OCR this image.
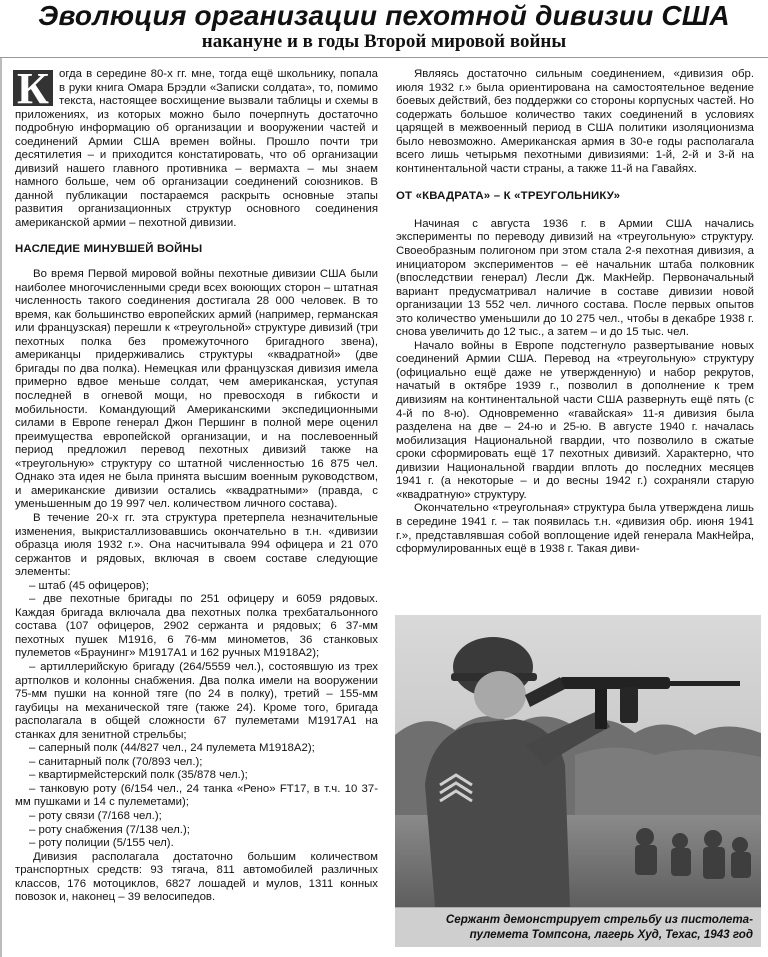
Эволюция организации пехотной дивизии США
накануне и в годы Второй мировой войны
К огда в середине 80-х гг. мне, тогда ещё школьнику, попала в руки книга Омара Брэдли «Записки солдата», то, помимо текста, настоящее восхищение вызвали таблицы и схемы в приложениях, из которых можно было почерпнуть достаточно подробную информацию об организации и вооружении частей и соединений Армии США времен войны. Прошло почти три десятилетия – и приходится констатировать, что об организации дивизий нашего главного противника – вермахта – мы знаем намного больше, чем об организации соединений союзников. В данной публикации постараемся раскрыть основные этапы развития организационных структур основного соединения американской армии – пехотной дивизии.

НАСЛЕДИЕ МИНУВШЕЙ ВОЙНЫ

Во время Первой мировой войны пехотные дивизии США были наиболее многочисленными среди всех воюющих сторон – штатная численность такого соединения достигала 28 000 человек. В то время, как большинство европейских армий (например, германская или французская) перешли к «треугольной» структуре дивизий (три пехотных полка без промежуточного бригадного звена), американцы придерживались структуры «квадратной» (две бригады по два полка). Немецкая или французская дивизия имела примерно вдвое меньше солдат, чем американская, уступая последней в огневой мощи, но превосходя в гибкости и мобильности. Командующий Американскими экспедиционными силами в Европе генерал Джон Першинг в полной мере оценил преимущества европейской организации, и на послевоенный период предложил перевод пехотных дивизий также на «треугольную» структуру со штатной численностью 16 875 чел. Однако эта идея не была принята высшим военным руководством, и американские дивизии остались «квадратными» (правда, с уменьшенным до 19 997 чел. количеством личного состава).

В течение 20-х гг. эта структура претерпела незначительные изменения, выкристаллизовавшись окончательно в т.н. «дивизии образца июля 1932 г.». Она насчитывала 994 офицера и 21 070 сержантов и рядовых, включая в своем составе следующие элементы:

– штаб (45 офицеров);

– две пехотные бригады по 251 офицеру и 6059 рядовых. Каждая бригада включала два пехотных полка трехбатальонного состава (107 офицеров, 2902 сержанта и рядовых; 6 37-мм пехотных пушек M1916, 6 76-мм минометов, 36 станковых пулеметов «Браунинг» M1917A1 и 162 ручных M1918A2);

– артиллерийскую бригаду (264/5559 чел.), состоявшую из трех артполков и колонны снабжения. Два полка имели на вооружении 75-мм пушки на конной тяге (по 24 в полку), третий – 155-мм гаубицы на механической тяге (также 24). Кроме того, бригада располагала в общей сложности 67 пулеметами M1917A1 на станках для зенитной стрельбы;

– саперный полк (44/827 чел., 24 пулемета M1918A2);

– санитарный полк (70/893 чел.);

– квартирмейстерский полк (35/878 чел.);

– танковую роту (6/154 чел., 24 танка «Рено» FT17, в т.ч. 10 37-мм пушками и 14 с пулеметами);

– роту связи (7/168 чел.);

– роту снабжения (7/138 чел.);

– роту полиции (5/155 чел).

Дивизия располагала достаточно большим количеством транспортных средств: 93 тягача, 811 автомобилей различных классов, 176 мотоциклов, 6827 лошадей и мулов, 1311 конных повозок и, наконец – 39 велосипедов.

Являясь достаточно сильным соединением, «дивизия обр. июля 1932 г.» была ориентирована на самостоятельное ведение боевых действий, без поддержки со стороны корпусных частей. Но содержать большое количество таких соединений в условиях царящей в межвоенный период в США политики изоляционизма было невозможно. Американская армия в 30-е годы располагала всего лишь четырьмя пехотными дивизиями: 1-й, 2-й и 3-й на континентальной части страны, а также 11-й на Гавайях.

ОТ «КВАДРАТА» – К «ТРЕУГОЛЬНИКУ»

Начиная с августа 1936 г. в Армии США начались эксперименты по переводу дивизий на «треугольную» структуру. Своеобразным полигоном при этом стала 2-я пехотная дивизия, а инициатором экспериментов – её начальник штаба полковник (впоследствии генерал) Лесли Дж. МакНейр. Первоначальный вариант предусматривал наличие в составе дивизии новой организации 13 552 чел. личного состава. После первых опытов это количество уменьшили до 10 275 чел., чтобы в декабре 1938 г. снова увеличить до 12 тыс., а затем – и до 15 тыс. чел.

Начало войны в Европе подстегнуло развертывание новых соединений Армии США. Перевод на «треугольную» структуру (официально ещё даже не утвержденную) и набор рекрутов, начатый в октябре 1939 г., позволил в дополнение к трем дивизиям на континентальной части США развернуть ещё пять (с 4-й по 8-ю). Одновременно «гавайская» 11-я дивизия была разделена на две – 24-ю и 25-ю. В августе 1940 г. началась мобилизация Национальной гвардии, что позволило в сжатые сроки сформировать ещё 17 пехотных дивизий. Характерно, что дивизии Национальной гвардии вплоть до последних месяцев 1941 г. (а некоторые – и до весны 1942 г.) сохраняли старую «квадратную» структуру.

Окончательно «треугольная» структура была утверждена лишь в середине 1941 г. – так появилась т.н. «дивизия обр. июня 1941 г.», представлявшая собой воплощение идей генерала МакНейра, сформулированных ещё в 1938 г. Такая диви-

Сержант демонстрирует стрельбу из пистолета-пулемета Томпсона, лагерь Худ, Техас, 1943 год
